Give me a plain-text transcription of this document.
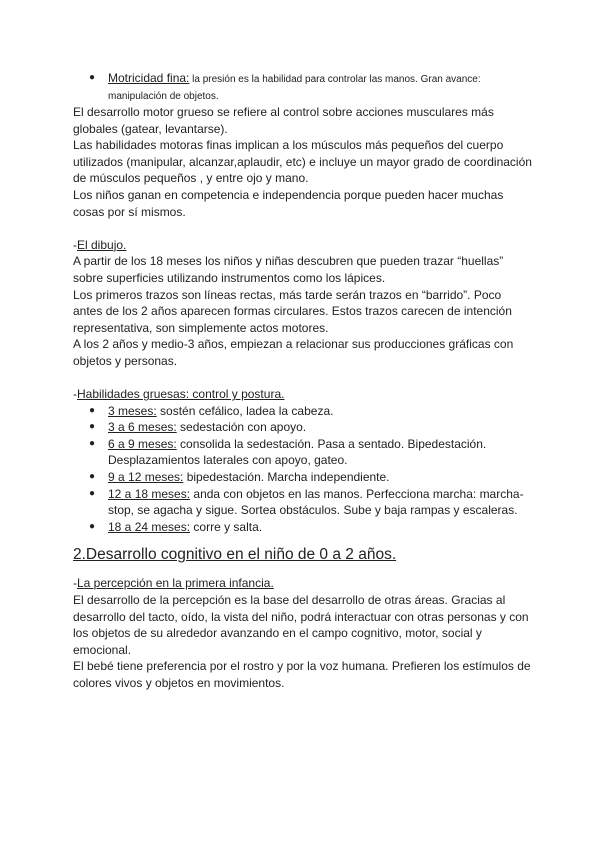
● Motricidad fina: la presión es la habilidad para controlar las manos. Gran avance: manipulación de objetos.

El desarrollo motor grueso se refiere al control sobre acciones musculares más globales (gatear, levantarse).

Las habilidades motoras finas implican a los músculos más pequeños del cuerpo utilizados (manipular, alcanzar,aplaudir, etc) e incluye un mayor grado de coordinación de músculos pequeños , y entre ojo y mano.

Los niños ganan en competencia e independencia porque pueden hacer muchas cosas por sí mismos.

-El dibujo.

A partir de los 18 meses los niños y niñas descubren que pueden trazar “huellas” sobre superficies utilizando instrumentos como los lápices.

Los primeros trazos son líneas rectas, más tarde serán trazos en “barrido”. Poco antes de los 2 años aparecen formas circulares. Estos trazos carecen de intención representativa, son simplemente actos motores.

A los 2 años y medio-3 años, empiezan a relacionar sus producciones gráficas con objetos y personas.

-Habilidades gruesas: control y postura.

● 3 meses: sostén cefálico, ladea la cabeza.
● 3 a 6 meses: sedestación con apoyo.
● 6 a 9 meses: consolida la sedestación. Pasa a sentado. Bipedestación. Desplazamientos laterales con apoyo, gateo.
● 9 a 12 meses: bipedestación. Marcha independiente.
● 12 a 18 meses: anda con objetos en las manos. Perfecciona marcha: marcha-stop, se agacha y sigue. Sortea obstáculos. Sube y baja rampas y escaleras.
● 18 a 24 meses: corre y salta.

2.Desarrollo cognitivo en el niño de 0 a 2 años.

-La percepción en la primera infancia.

El desarrollo de la percepción es la base del desarrollo de otras áreas. Gracias al desarrollo del tacto, oído, la vista del niño, podrá interactuar con otras personas y con los objetos de su alrededor avanzando en el campo cognitivo, motor, social y emocional.

El bebé tiene preferencia por el rostro y por la voz humana. Prefieren los estímulos de colores vivos y objetos en movimientos.
